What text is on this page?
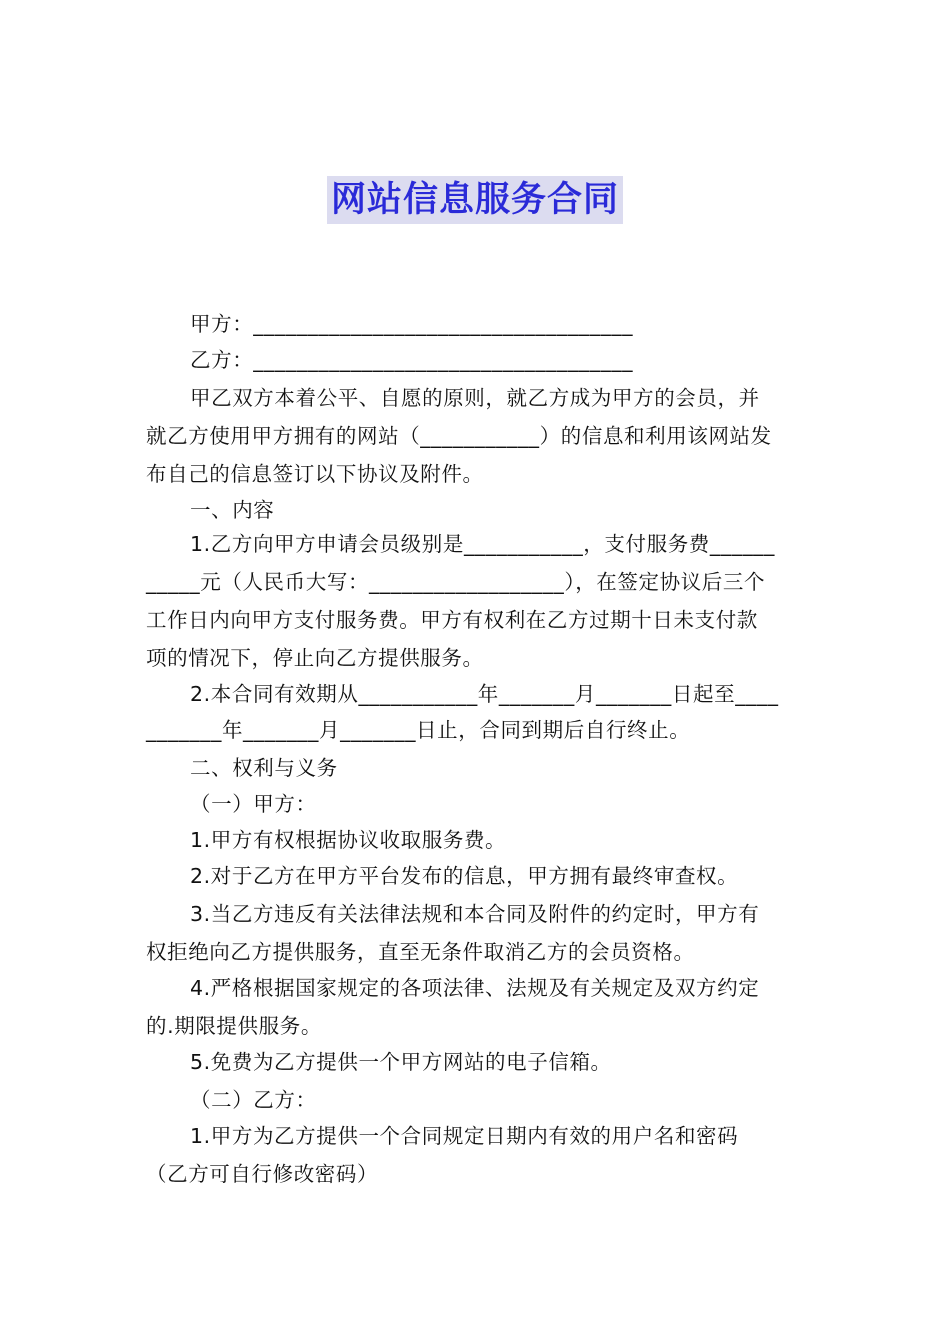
网站信息服务合同
甲方：___________________________________
乙方：___________________________________
甲乙双方本着公平、自愿的原则，就乙方成为甲方的会员，并
就乙方使用甲方拥有的网站（___________）的信息和利用该网站发
布自己的信息签订以下协议及附件。
一、内容
1.乙方向甲方申请会员级别是___________，支付服务费______
_____元（人民币大写：__________________），在签定协议后三个
工作日内向甲方支付服务费。甲方有权利在乙方过期十日未支付款
项的情况下，停止向乙方提供服务。
2.本合同有效期从___________年_______月_______日起至____
_______年_______月_______日止，合同到期后自行终止。
二、权利与义务
（一）甲方：
1.甲方有权根据协议收取服务费。
2.对于乙方在甲方平台发布的信息，甲方拥有最终审查权。
3.当乙方违反有关法律法规和本合同及附件的约定时，甲方有
权拒绝向乙方提供服务，直至无条件取消乙方的会员资格。
4.严格根据国家规定的各项法律、法规及有关规定及双方约定
的.期限提供服务。
5.免费为乙方提供一个甲方网站的电子信箱。
（二）乙方：
1.甲方为乙方提供一个合同规定日期内有效的用户名和密码
（乙方可自行修改密码）
